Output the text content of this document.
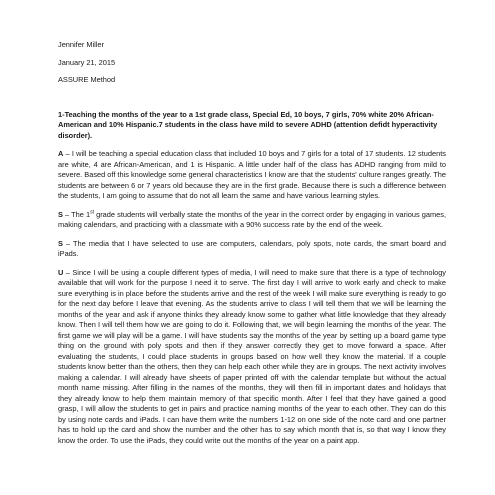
Jennifer Miller
January 21, 2015
ASSURE Method
1-Teaching the months of the year to a 1st grade class, Special Ed, 10 boys, 7 girls, 70% white 20% African-American and 10% Hispanic.7 students in the class have mild to severe ADHD (attention defidt hyperactivity disorder).

A – I will be teaching a special education class that included 10 boys and 7 girls for a total of 17 students. 12 students are white, 4 are African-American, and 1 is Hispanic. A little under half of the class has ADHD ranging from mild to severe. Based off this knowledge some general characteristics I know are that the students' culture ranges greatly. The students are between 6 or 7 years old because they are in the first grade. Because there is such a difference between the students, I am going to assume that do not all learn the same and have various learning styles.

S – The 1st grade students will verbally state the months of the year in the correct order by engaging in various games, making calendars, and practicing with a classmate with a 90% success rate by the end of the week.

S – The media that I have selected to use are computers, calendars, poly spots, note cards, the smart board and iPads.

U – Since I will be using a couple different types of media, I will need to make sure that there is a type of technology available that will work for the purpose I need it to serve. The first day I will arrive to work early and check to make sure everything is in place before the students arrive and the rest of the week I will make sure everything is ready to go for the next day before I leave that evening. As the students arrive to class I will tell them that we will be learning the months of the year and ask if anyone thinks they already know some to gather what little knowledge that they already know. Then I will tell them how we are going to do it. Following that, we will begin learning the months of the year. The first game we will play will be a game. I will have students say the months of the year by setting up a board game type thing on the ground with poly spots and then if they answer correctly they get to move forward a space. After evaluating the students, I could place students in groups based on how well they know the material. If a couple students know better than the others, then they can help each other while they are in groups. The next activity involves making a calendar. I will already have sheets of paper printed off with the calendar template but without the actual month name missing. After filling in the names of the months, they will then fill in important dates and holidays that they already know to help them maintain memory of that specific month. After I feel that they have gained a good grasp, I will allow the students to get in pairs and practice naming months of the year to each other. They can do this by using note cards and iPads. I can have them write the numbers 1-12 on one side of the note card and one partner has to hold up the card and show the number and the other has to say which month that is, so that way I know they know the order. To use the iPads, they could write out the months of the year on a paint app.
